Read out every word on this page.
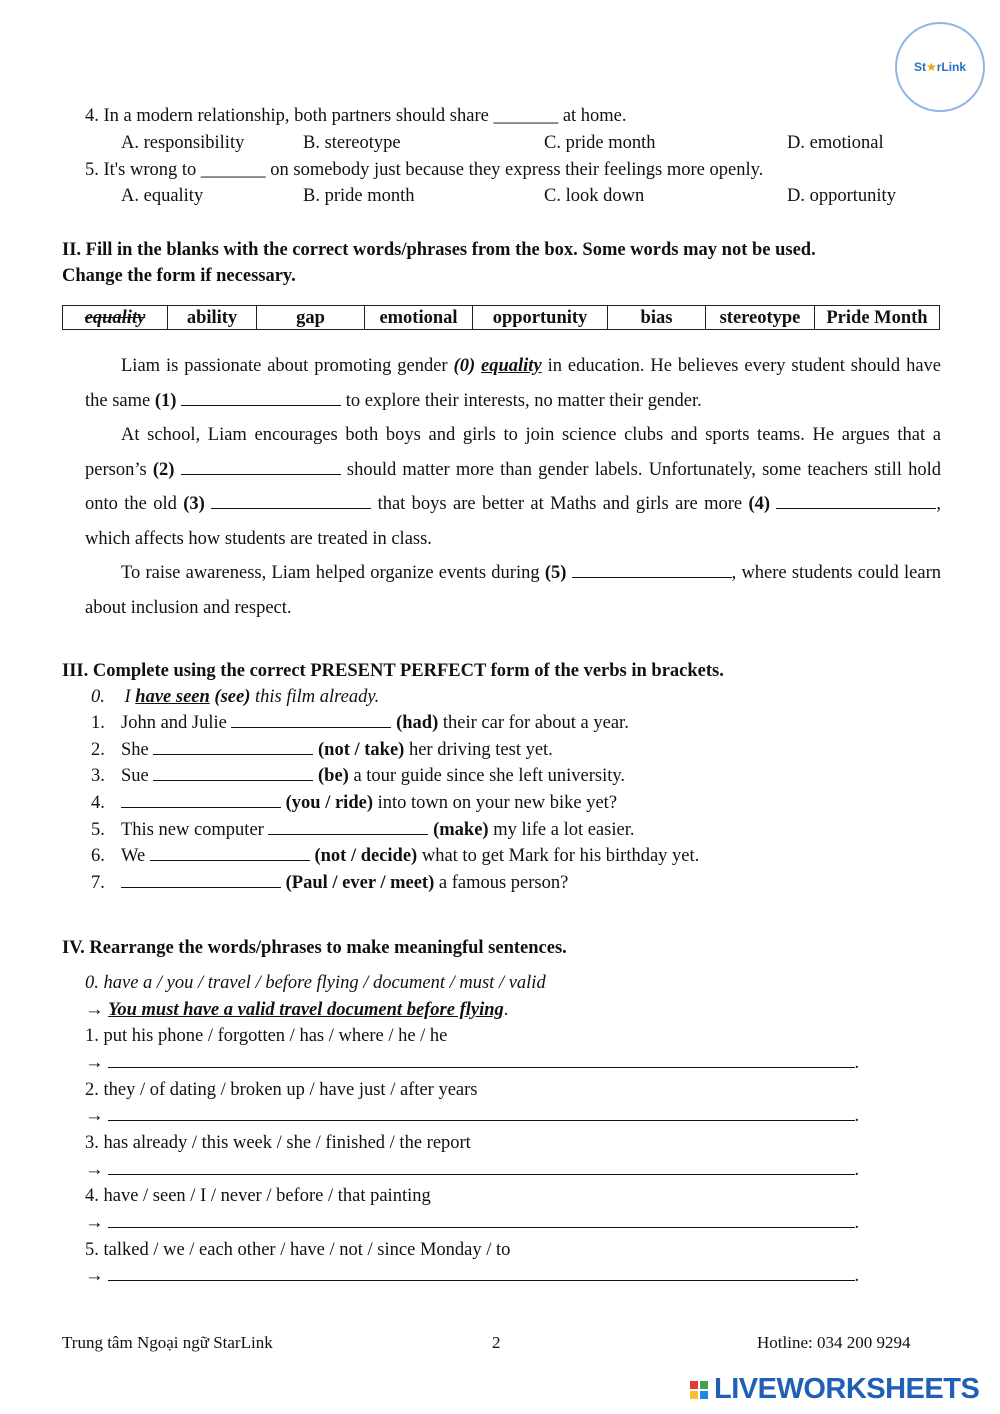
St ★ rLink
4. In a modern relationship, both partners should share _______ at home.
A. responsibility	B. stereotype	C. pride month	D. emotional
5. It's wrong to _______ on somebody just because they express their feelings more openly.
A. equality	B. pride month	C. look down	D. opportunity
II. Fill in the blanks with the correct words/phrases from the box. Some words may not be used.
Change the form if necessary.
equality	ability	gap	emotional	opportunity	bias	stereotype	Pride Month

Liam is passionate about promoting gender (0) equality in education. He believes every student should have the same (1)	to explore their interests, no matter their gender.

At school, Liam encourages both boys and girls to join science clubs and sports teams. He argues that a person’s (2)	should matter more than gender labels. Unfortunately, some teachers still hold onto the old (3)	that boys are better at Maths and girls are more (4)	, which affects how students are treated in class.

To raise awareness, Liam helped organize events during (5)	, where students could learn about inclusion and respect.

III. Complete using the correct PRESENT PERFECT form of the verbs in brackets.
0. I have seen (see) this film already.
1. John and Julie	(had) their car for about a year.
2. She	(not / take) her driving test yet.
3. Sue	(be) a tour guide since she left university.
4.	(you / ride) into town on your new bike yet?
5. This new computer	(make) my life a lot easier.
6. We	(not / decide) what to get Mark for his birthday yet.
7.	(Paul / ever / meet) a famous person?
IV. Rearrange the words/phrases to make meaningful sentences.
0. have a / you / travel / before flying / document / must / valid
→ You must have a valid travel document before flying.
1. put his phone / forgotten / has / where / he / he
→	.
2. they / of dating / broken up / have just / after years
→	.
3. has already / this week / she / finished / the report
→	.
4. have / seen / I / never / before / that painting
→	.
5. talked / we / each other / have / not / since Monday / to
→	.
Trung tâm Ngoại ngữ StarLink	2	Hotline: 034 200 9294
LIVEWORKSHEETS
